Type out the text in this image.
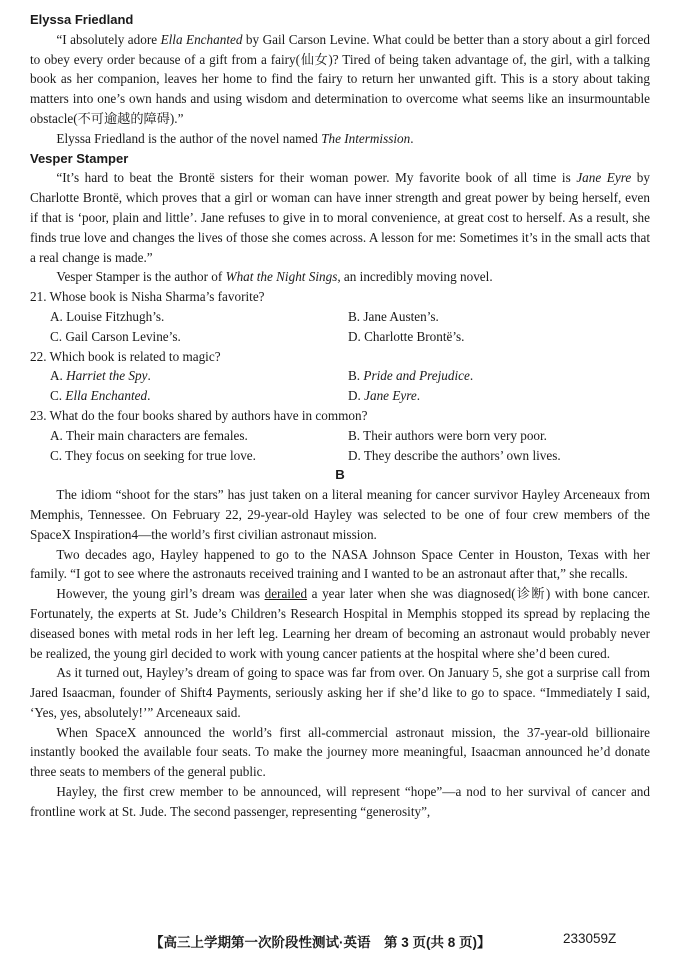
Elyssa Friedland

“I absolutely adore Ella Enchanted by Gail Carson Levine. What could be better than a story about a girl forced to obey every order because of a gift from a fairy(仙女)? Tired of being taken advantage of, the girl, with a talking book as her companion, leaves her home to find the fairy to return her unwanted gift. This is a story about taking matters into one’s own hands and using wisdom and determination to overcome what seems like an insurmountable obstacle(不可逾越的障碍).”

Elyssa Friedland is the author of the novel named The Intermission.

Vesper Stamper

“It’s hard to beat the Brontë sisters for their woman power. My favorite book of all time is Jane Eyre by Charlotte Brontë, which proves that a girl or woman can have inner strength and great power by being herself, even if that is ‘poor, plain and little’. Jane refuses to give in to moral convenience, at great cost to herself. As a result, she finds true love and changes the lives of those she comes across. A lesson for me: Sometimes it’s in the small acts that a real change is made.”

Vesper Stamper is the author of What the Night Sings, an incredibly moving novel.

21. Whose book is Nisha Sharma’s favorite?
A. Louise Fitzhugh’s.	B. Jane Austen’s.
C. Gail Carson Levine’s.	D. Charlotte Brontë’s.
22. Which book is related to magic?
A. Harriet the Spy.	B. Pride and Prejudice.
C. Ella Enchanted.	D. Jane Eyre.
23. What do the four books shared by authors have in common?
A. Their main characters are females.	B. Their authors were born very poor.
C. They focus on seeking for true love.	D. They describe the authors’ own lives.
B

The idiom “shoot for the stars” has just taken on a literal meaning for cancer survivor Hayley Arceneaux from Memphis, Tennessee. On February 22, 29-year-old Hayley was selected to be one of four crew members of the SpaceX Inspiration4—the world’s first civilian astronaut mission.

Two decades ago, Hayley happened to go to the NASA Johnson Space Center in Houston, Texas with her family. “I got to see where the astronauts received training and I wanted to be an astronaut after that,” she recalls.

However, the young girl’s dream was derailed a year later when she was diagnosed(诊断) with bone cancer. Fortunately, the experts at St. Jude’s Children’s Research Hospital in Memphis stopped its spread by replacing the diseased bones with metal rods in her left leg. Learning her dream of becoming an astronaut would probably never be realized, the young girl decided to work with young cancer patients at the hospital where she’d been cured.

As it turned out, Hayley’s dream of going to space was far from over. On January 5, she got a surprise call from Jared Isaacman, founder of Shift4 Payments, seriously asking her if she’d like to go to space. “Immediately I said, ‘Yes, yes, absolutely!’” Arceneaux said.

When SpaceX announced the world’s first all-commercial astronaut mission, the 37-year-old billionaire instantly booked the available four seats. To make the journey more meaningful, Isaacman announced he’d donate three seats to members of the general public.

Hayley, the first crew member to be announced, will represent “hope”—a nod to her survival of cancer and frontline work at St. Jude. The second passenger, representing “generosity”,

【高三上学期第一次阶段性测试·英语　第 3 页(共 8 页)】	233059Z
